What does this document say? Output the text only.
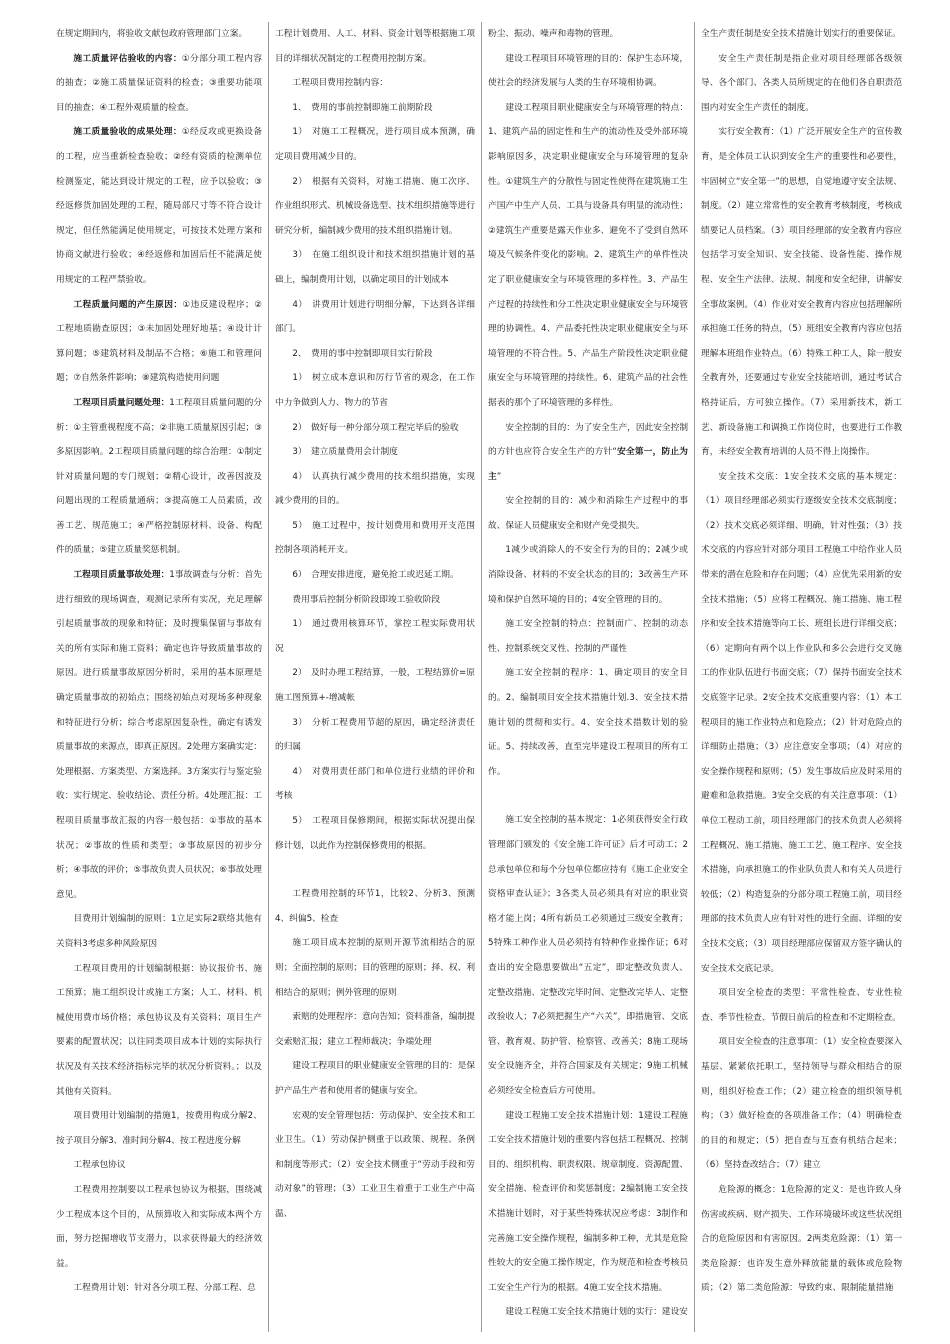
在规定期间内，将验收文献包政府管理部门立案。

施工质量评估验收的内容：①分部分项工程内容的抽查；②施工质量保证资料的检查；③重要功能项目的抽查；④工程外观质量的检查。

施工质量验收的成果处理：①经反攻或更换设备的工程，应当重新检查验收；②经有资质的检测单位检测鉴定，能达到设计规定的工程，应予以验收；③经返修货加固处理的工程，随局部尺寸等不符合设计规定，但任然能满足使用规定，可按技术处理方案和协商文献进行验收；④经返修和加固后任不能满足使用规定的工程严禁验收。

工程质量问题的产生原因：①违反建设程序；②工程地质勘查原因；③未加固处理好地基；④设计计算问题；⑤建筑材料及制品不合格；⑥施工和管理问题；⑦自然条件影响；⑧建筑构造使用问题

工程项目质量问题处理：1工程项目质量问题的分析：①主管重视程度不高；②非施工质量原因引起；③多原因影响。2工程项目质量问题的综合治理：①制定针对质量问题的专门规划；②精心设计，改善因波及问题出现的工程质量通病；③提高施工人员素质，改善工艺、规范施工；④严格控制原材料、设备、构配件的质量；⑤建立质量奖惩机制。

工程项目质量事故处理：1事故调查与分析：首先进行细致的现场调查，观测记录所有实况，充足理解引起质量事故的现象和特征；及时搜集保留与事故有关的所有实际和施工资料；确定也许导致质量事故的原因。进行质量事故原因分析时，采用的基本原理是确定质量事故的初始点；围绕初始点对现场多种现象和特征进行分析；综合考虑原因复杂性，确定有诱发质量事故的来源点，即真正原因。2处理方案确实定：处理根据、方案类型、方案选择。3方案实行与鉴定验收：实行规定、验收结论、责任分析。4处理汇报：工程项目质量事故汇报的内容一般包括：①事故的基本状况；②事故的性质和类型；③事故原因的初步分析；④事故的评价；⑤事故负责人员状况；⑥事故处理意见。

目费用计划编制的原则：1立足实际2联络其他有关资料3考虑多种风险原因

工程项目费用的计划编制根据：协议报价书、施工预算；施工组织设计或施工方案；人工、材料、机械使用费市场价格；承包协议及有关资料；项目生产要素的配置状况；以往同类项目成本计划的实际执行状况及有关技术经济指标完毕的状况分析资料。；以及其他有关资料。

项目费用计划编制的措施1，按费用构成分解2、按子项目分解3、准时间分解4、按工程进度分解

工程承包协议

工程费用控制要以工程承包协议为根据，围绕减少工程成本这个目的，从预算收入和实际成本两个方面，努力挖掘增收节支潜力，以求获得最大的经济效益。

工程费用计划：针对各分项工程、分部工程、总

工程计划费用、人工、材料、资金计划等根据施工项目的详细状况制定的工程费用控制方案。

工程项目费用控制内容：

1、　费用的事前控制即施工前期阶段

1）　对施工工程概况，进行项目成本预测，确定项目费用减少目的。

2）　根据有关资料，对施工措施、施工次序、作业组织形式、机械设备选型、技术组织措施等进行研究分析，编制减少费用的技术组织措施计划。

3）　在施工组织设计和技术组织措施计划的基础上，编制费用计划，以确定项目的计划成本

4）　讲费用计划进行明细分解，下达到各详细部门。

2、　费用的事中控制即项目实行阶段

1）　树立成本意识和厉行节省的观念，在工作中力争做到人力、物力的节省

2）　做好每一种分部分项工程完毕后的验收

3）　建立质量费用会计制度

4）　认真执行减少费用的技术组织措施，实现减少费用的目的。

5）　施工过程中，按计划费用和费用开支范围控制各项消耗开支。

6）　合理安排进度，避免抢工或迟延工期。

费用事后控制分析阶段即竣工验收阶段

1）　通过费用核算环节，掌控工程实际费用状况

2）　及时办理工程结算，一般，工程结算价=原施工图预算+-增减帐

3）　分析工程费用节超的原因，确定经济责任的归属

4）　对费用责任部门和单位进行业绩的评价和考核

5）　工程项目保修期间，根据实际状况提出保修计划，以此作为控制保修费用的根据。

工程费用控制的环节1，比较2、分析3、预测4、纠偏5、检查

施工项目成本控制的原则开源节流相结合的原则；全面控制的原则；目的管理的原则；择、权、利相结合的原则；例外管理的原则

索赔的处理程序：意向告知；资料准备，编制提交索赔汇报；建立工程师裁决；争端处理

建设工程项目的职业健康安全管理的目的：是保护产品生产者和使用者的健康与安全。

宏观的安全管理包括：劳动保护、安全技术和工业卫生。（1）劳动保护侧重于以政策、规程、条例和制度等形式；（2）安全技术侧重于“劳动手段和劳动对象”的管理；（3）工业卫生着重于工业生产中高温、

粉尘、振动、噪声和毒物的管理。

建设工程项目环境管理的目的：保护生态环境，使社会的经济发展与人类的生存环境相协调。

建设工程项目职业健康安全与环境管理的特点：1、建筑产品的固定性和生产的流动性及受外部环境影响原因多，决定职业健康安全与环境管理的复杂性。①建筑生产的分散性与固定性使得在建筑施工生产国产中生产人员、工具与设备具有明显的流动性；②建筑生产重要是露天作业多、避免不了受到自然环境及气候条件变化的影响。2、建筑生产的单件性决定了职业健康安全与环境管理的多样性。3、产品生产过程的持续性和分工性决定职业健康安全与环境管理的协调性。4、产品委托性决定职业健康安全与环境管理的不符合性。5、产品生产阶段性决定职业健康安全与环境管理的持续性。6、建筑产品的社会性据表的那个了环境管理的多样性。

安全控制的目的：为了安全生产，因此安全控制的方针也应符合安全生产的方针“安全第一，防止为主”

安全控制的目的：减少和消除生产过程中的事故、保证人员健康安全和财产免受损失。

1减少或消除人的不安全行为的目的；2减少或消除设备、材料的不安全状态的目的；3改善生产环境和保护自然环境的目的；4安全管理的目的。

施工安全控制的特点：控制面广、控制的动态性、控制系统交叉性、控制的严谨性

施工安全控制的程序：1、确定项目的安全目的。2、编制项目安全技术措施计划.3、安全技术措施计划的贯彻和实行。4、安全技术措数计划的验证。5、持续改善，直至完毕建设工程项目的所有工作。

施工安全控制的基本规定：1必须获得安全行政管理部门颁发的《安全施工许可证》后才可动工；2总承包单位和每个分包单位都应持有《施工企业安全资格审查认证》；3各类人员必须具有对应的职业资格才能上岗；4所有新员工必须通过三级安全教育；5特殊工种作业人员必须持有特种作业操作证；6对查出的安全隐患要做出“五定”，即定整改负责人、定整改措施、定整改完毕时间、定整改完毕人、定整改验收人；7必须把握生产“六关”，即措施管、交底管、教育观、防护管、检察管、改善关；8施工现场安全设施齐全，并符合国家及有关规定；9施工机械必须经安全检查后方可使用。

建设工程施工安全技术措施计划：1建设工程施工安全技术措施计划的重要内容包括工程概况、控制目的、组织机构、职责权限、规章制度、资源配置、安全措施、检查评价和奖惩制度；2编制施工安全技术措施计划时，对于某些特殊状况应考虑：3制作和完善施工安全操作规程，编制多种工种，尤其是危险性较大的安全施工操作规定，作为规范和检查考核员工安全生产行为的根据。4施工安全技术措施。

建设工程施工安全技术措施计划的实行：建设安

全生产责任制是安全技术措施计划实行的重要保证。

安全生产责任制是指企业对项目经理部各级领导、各个部门、各类人员所规定的在他们各自职责范围内对安全生产责任的制度。

实行安全教育：（1）广泛开展安全生产的宣传教育，是全体员工认识到安全生产的重要性和必要性，牢固树立“安全第一”的思想，自觉地遵守安全法规、制度。（2）建立常常性的安全教育考核制度，考核成绩要记人员档案。（3）项目经理部的安全教育内容应包括学习安全知识、安全技能、设备性能、操作规程、安全生产法律、法规、制度和安全纪律，讲解安全事故案例。（4）作业对安全教育内容应包括理解所承担施工任务的特点，（5）班组安全教育内容应包括理解本班组作业特点。（6）特殊工种工人，除一般安全教育外，还要通过专业安全技能培训，通过考试合格持证后，方可独立操作。（7）采用新技术，新工艺、新设备施工和调换工作岗位时，也要进行工作教育，未经安全教育培训的人员不得上岗操作。

安全技术交底：1安全技术交底的基本规定：（1）项目经理部必须实行逐级安全技术交底制度；（2）技术交底必须详细、明确，针对性强；（3）技术交底的内容应针对部分项目工程施工中给作业人员带来的潜在危险和存在问题；（4）应优先采用新的安全技术措施；（5）应将工程概况、施工措施、施工程序和安全技术措施等向工长、班组长进行详细交底；（6）定期向有两个以上作业队和多公会进行交叉施工的作业队伍进行书面交底；（7）保持书面安全技术交底签字记录。2安全技术交底重要内容：（1）本工程项目的施工作业特点和危险点；（2）针对危险点的详细防止措施；（3）应注意安全事项；（4）对应的安全操作规程和原则；（5）发生事故后应及时采用的避难和急救措施。3安全交底的有关注意事项：（1）单位工程动工前，项目经理部门的技术负责人必须将工程概况、施工措施、施工工艺、施工程序、安全技术措施，向承担施工的作业队负责人和有关人员进行较低；（2）构造复杂的分部分项工程施工前，项目经理部的技术负责人应有针对性的进行全面、详细的安全技术交底；（3）项目经理部应保留双方签字确认的安全技术交底记录。

项目安全检查的类型：平常性检查、专业性检查、季节性检查、节假日前后的检查和不定期检查。

项目安全检查的注意事项：（1）安全检查要深入基层、紧紧依托职工，坚持领导与群众相结合的原则，组织好检查工作；（2）建立检查的组织领导机构；（3）做好检查的各项准备工作；（4）明确检查的目的和规定；（5）把自查与互查有机结合起来；（6）坚持查改结合；（7）建立

危险源的概念：1危险源的定义：是也许致人身伤害或疾病、财产损失、工作环境破坏或这些状况组合的危险原因和有害原因。2两类危险源：（1）第一类危险源：也许发生意外释放能量的载体或危险物质；（2）第二类危险源：导致约束、限制能量措施
